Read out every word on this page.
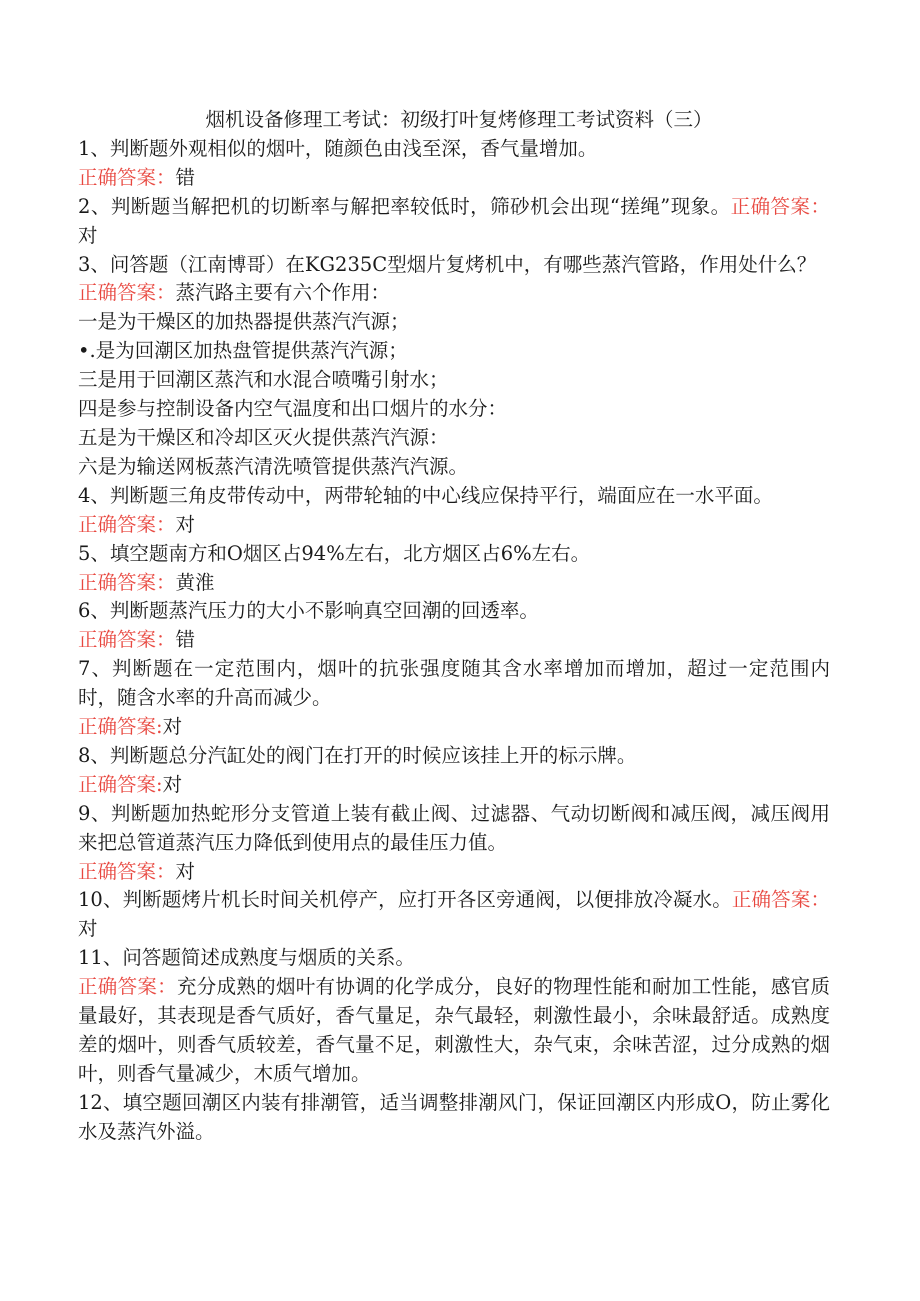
烟机设备修理工考试：初级打叶复烤修理工考试资料（三）

1、判断题外观相似的烟叶，随颜色由浅至深，香气量增加。

正确答案：错

2、判断题当解把机的切断率与解把率较低时，筛砂机会出现“搓绳”现象。正确答案：对

3、问答题（江南博哥）在KG235C型烟片复烤机中，有哪些蒸汽管路，作用处什么？

正确答案：蒸汽路主要有六个作用：

一是为干燥区的加热器提供蒸汽汽源；

•.是为回潮区加热盘管提供蒸汽汽源；

三是用于回潮区蒸汽和水混合喷嘴引射水；

四是参与控制设备内空气温度和出口烟片的水分：

五是为干燥区和冷却区灭火提供蒸汽汽源：

六是为输送网板蒸汽清洗喷管提供蒸汽汽源。

4、判断题三角皮带传动中，两带轮轴的中心线应保持平行，端面应在一水平面。

正确答案：对

5、填空题南方和O烟区占94%左右，北方烟区占6%左右。

正确答案：黄淮

6、判断题蒸汽压力的大小不影响真空回潮的回透率。

正确答案：错

7、判断题在一定范围内，烟叶的抗张强度随其含水率增加而增加，超过一定范围内时，随含水率的升高而减少。

正确答案:对

8、判断题总分汽缸处的阀门在打开的时候应该挂上开的标示牌。

正确答案:对

9、判断题加热蛇形分支管道上装有截止阀、过滤器、气动切断阀和减压阀，减压阀用来把总管道蒸汽压力降低到使用点的最佳压力值。

正确答案：对

10、判断题烤片机长时间关机停产，应打开各区旁通阀，以便排放冷凝水。正确答案：对

11、问答题简述成熟度与烟质的关系。

正确答案：充分成熟的烟叶有协调的化学成分，良好的物理性能和耐加工性能，感官质量最好，其表现是香气质好，香气量足，杂气最轻，刺激性最小，余味最舒适。成熟度差的烟叶，则香气质较差，香气量不足，刺激性大，杂气束，余味苦涩，过分成熟的烟叶，则香气量减少，木质气增加。

12、填空题回潮区内装有排潮管，适当调整排潮风门，保证回潮区内形成O，防止雾化水及蒸汽外溢。
